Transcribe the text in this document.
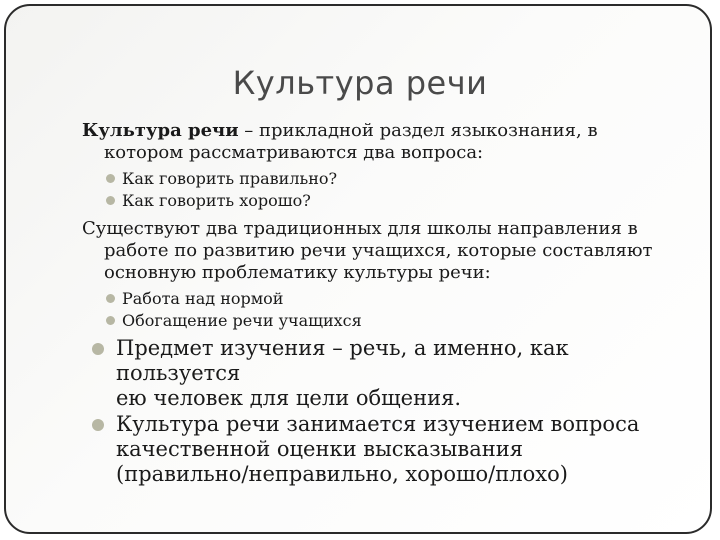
Культура речи

Культура речи – прикладной раздел языкознания, в
котором рассматриваются два вопроса:

Как говорить правильно?
Как говорить хорошо?

Существуют два традиционных для школы направления в
работе по развитию речи учащихся, которые составляют
основную проблематику культуры речи:

Работа над нормой
Обогащение речи учащихся
Предмет изучения – речь, а именно, как пользуется
ею человек для цели общения.
Культура речи занимается изучением вопроса
качественной оценки высказывания
(правильно/неправильно, хорошо/плохо)
